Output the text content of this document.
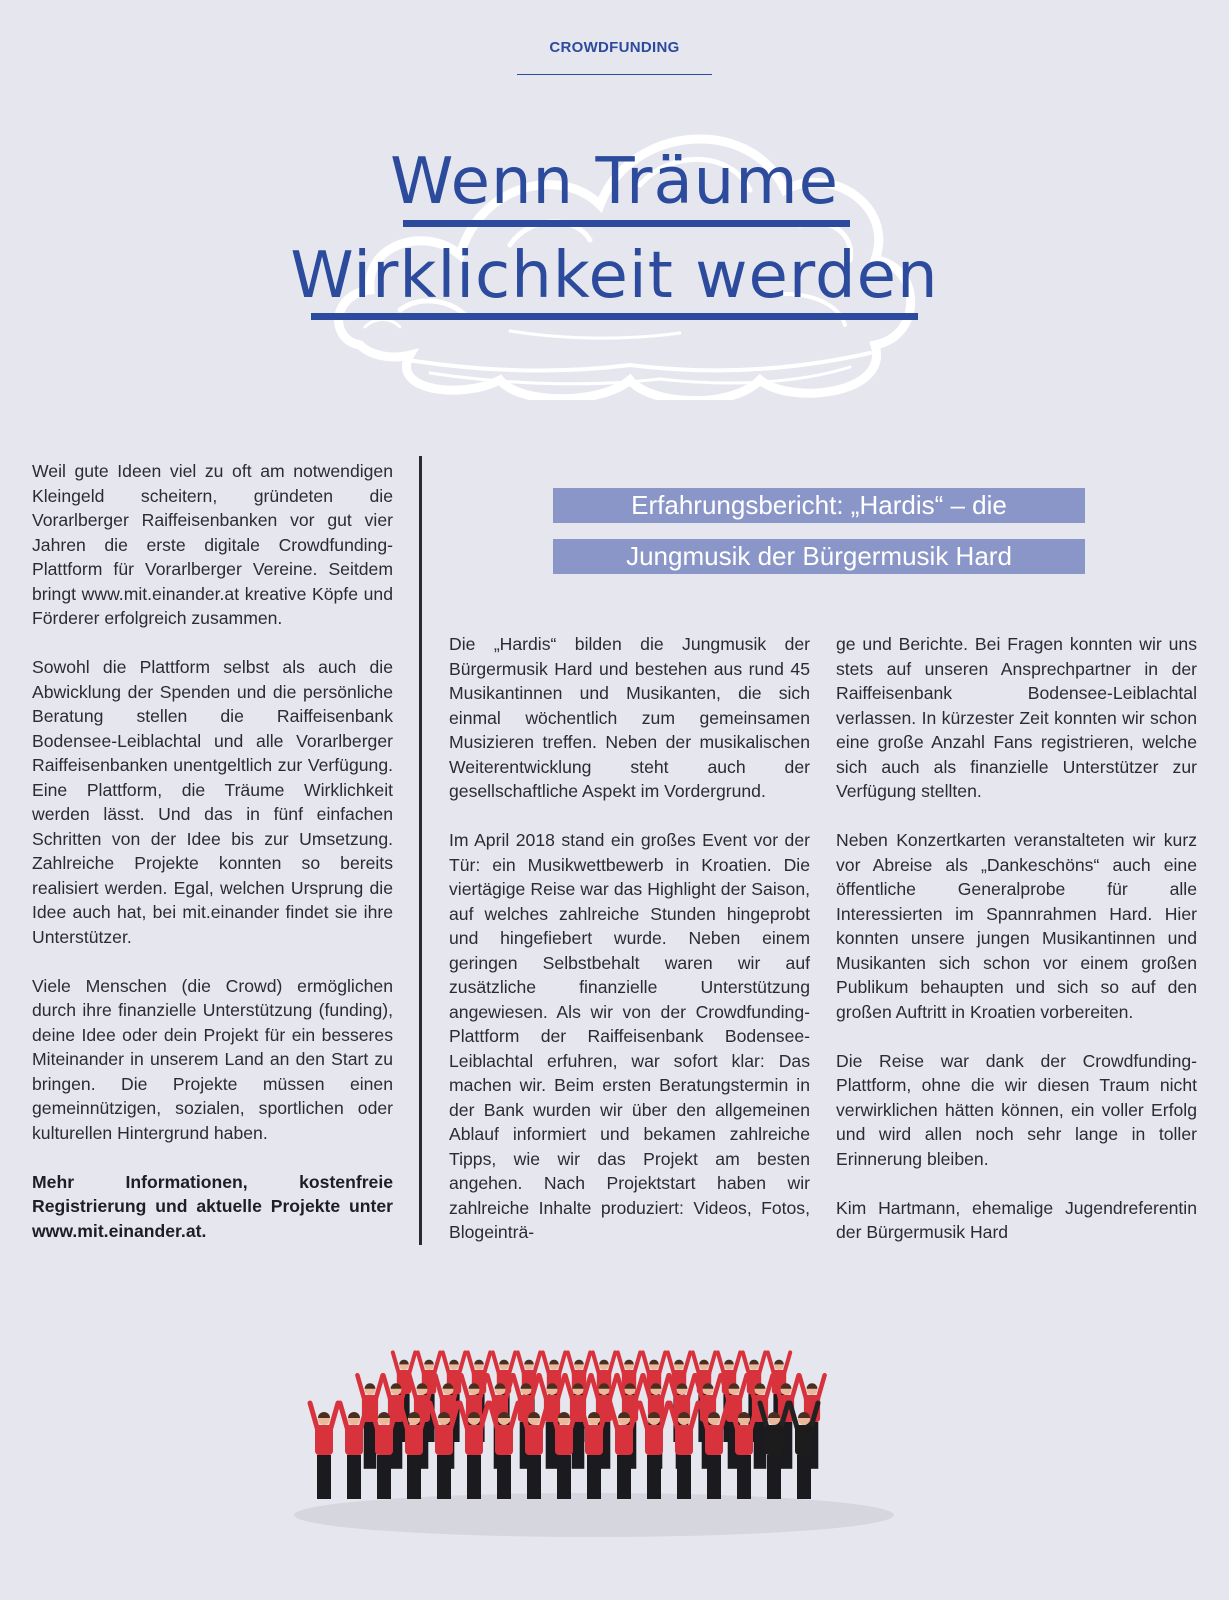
CROWDFUNDING
Wenn Träume
Wirklichkeit werden

Weil gute Ideen viel zu oft am notwendigen Kleingeld scheitern, gründeten die Vorarlberger Raiffeisenbanken vor gut vier Jahren die erste digitale Crowdfunding-Plattform für Vorarlberger Vereine. Seitdem bringt www.mit.einander.at kreative Köpfe und Förderer erfolgreich zusammen.

Sowohl die Plattform selbst als auch die Abwicklung der Spenden und die persönliche Beratung stellen die Raiffeisenbank Bodensee-Leiblachtal und alle Vorarlberger Raiffeisenbanken unentgeltlich zur Verfügung. Eine Plattform, die Träume Wirklichkeit werden lässt. Und das in fünf einfachen Schritten von der Idee bis zur Umsetzung. Zahlreiche Projekte konnten so bereits realisiert werden. Egal, welchen Ursprung die Idee auch hat, bei mit.einander findet sie ihre Unterstützer.

Viele Menschen (die Crowd) ermöglichen durch ihre finanzielle Unterstützung (funding), deine Idee oder dein Projekt für ein besseres Miteinander in unserem Land an den Start zu bringen. Die Projekte müssen einen gemeinnützigen, sozialen, sportlichen oder kulturellen Hintergrund haben.

Mehr Informationen, kostenfreie Registrierung und aktuelle Projekte unter www.mit.einander.at.

Erfahrungsbericht: „Hardis“ – die
Jungmusik der Bürgermusik Hard

Die „Hardis“ bilden die Jungmusik der Bürgermusik Hard und bestehen aus rund 45 Musikantinnen und Musikanten, die sich einmal wöchentlich zum gemeinsamen Musizieren treffen. Neben der musikalischen Weiterentwicklung steht auch der gesellschaftliche Aspekt im Vordergrund.

Im April 2018 stand ein großes Event vor der Tür: ein Musikwettbewerb in Kroatien. Die viertägige Reise war das Highlight der Saison, auf welches zahlreiche Stunden hingeprobt und hingefiebert wurde. Neben einem geringen Selbstbehalt waren wir auf zusätzliche finanzielle Unterstützung angewiesen. Als wir von der Crowdfunding-Plattform der Raiffeisenbank Bodensee-Leiblachtal erfuhren, war sofort klar: Das machen wir. Beim ersten Beratungstermin in der Bank wurden wir über den allgemeinen Ablauf informiert und bekamen zahlreiche Tipps, wie wir das Projekt am besten angehen. Nach Projektstart haben wir zahlreiche Inhalte produziert: Videos, Fotos, Blogeinträ-

ge und Berichte. Bei Fragen konnten wir uns stets auf unseren Ansprechpartner in der Raiffeisenbank Bodensee-Leiblachtal verlassen. In kürzester Zeit konnten wir schon eine große Anzahl Fans registrieren, welche sich auch als finanzielle Unterstützer zur Verfügung stellten.

Neben Konzertkarten veranstalteten wir kurz vor Abreise als „Dankeschöns“ auch eine öffentliche Generalprobe für alle Interessierten im Spannrahmen Hard. Hier konnten unsere jungen Musikantinnen und Musikanten sich schon vor einem großen Publikum behaupten und sich so auf den großen Auftritt in Kroatien vorbereiten.

Die Reise war dank der Crowdfunding-Plattform, ohne die wir diesen Traum nicht verwirklichen hätten können, ein voller Erfolg und wird allen noch sehr lange in toller Erinnerung bleiben.

Kim Hartmann, ehemalige Jugendreferentin der Bürgermusik Hard
